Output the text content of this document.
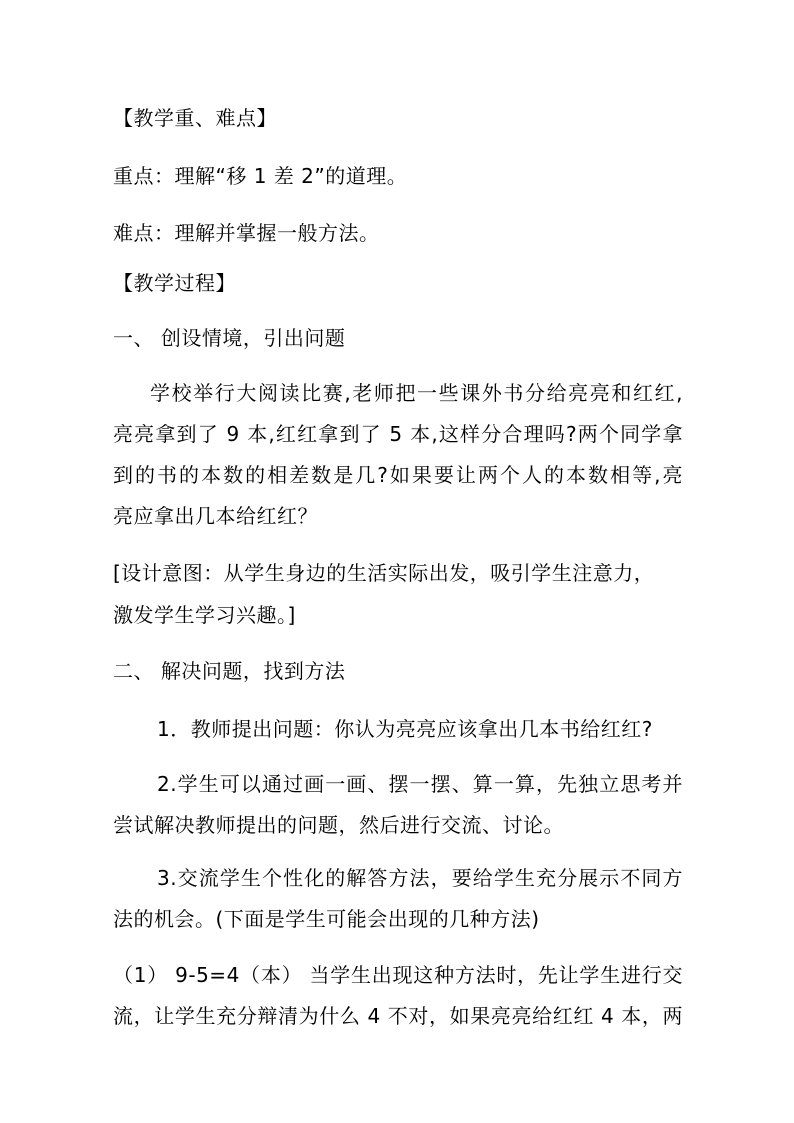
【教学重、难点】
重点：理解“移 1 差 2”的道理。
难点：理解并掌握一般方法。
【教学过程】
一、 创设情境，引出问题
学校举行大阅读比赛,老师把一些课外书分给亮亮和红红,
亮亮拿到了 9 本,红红拿到了 5 本,这样分合理吗?两个同学拿
到的书的本数的相差数是几?如果要让两个人的本数相等,亮
亮应拿出几本给红红？
[设计意图：从学生身边的生活实际出发，吸引学生注意力，
激发学生学习兴趣。]
二、 解决问题，找到方法
1．教师提出问题：你认为亮亮应该拿出几本书给红红?
2.学生可以通过画一画、摆一摆、算一算，先独立思考并
尝试解决教师提出的问题，然后进行交流、讨论。
3.交流学生个性化的解答方法，要给学生充分展示不同方
法的机会。(下面是学生可能会出现的几种方法)
（1） 9-5=4（本） 当学生出现这种方法时，先让学生进行交
流，让学生充分辩清为什么 4 不对，如果亮亮给红红 4 本，两
